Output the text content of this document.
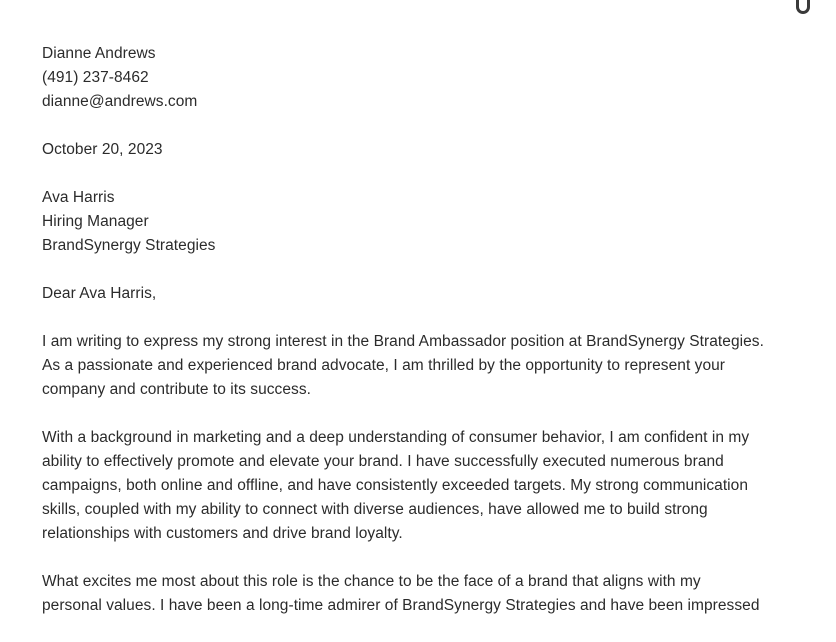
Dianne Andrews
(491) 237-8462
dianne@andrews.com
October 20, 2023
Ava Harris
Hiring Manager
BrandSynergy Strategies
Dear Ava Harris,
I am writing to express my strong interest in the Brand Ambassador position at BrandSynergy Strategies.
As a passionate and experienced brand advocate, I am thrilled by the opportunity to represent your
company and contribute to its success.
With a background in marketing and a deep understanding of consumer behavior, I am confident in my
ability to effectively promote and elevate your brand. I have successfully executed numerous brand
campaigns, both online and offline, and have consistently exceeded targets. My strong communication
skills, coupled with my ability to connect with diverse audiences, have allowed me to build strong
relationships with customers and drive brand loyalty.
What excites me most about this role is the chance to be the face of a brand that aligns with my
personal values. I have been a long-time admirer of BrandSynergy Strategies and have been impressed
